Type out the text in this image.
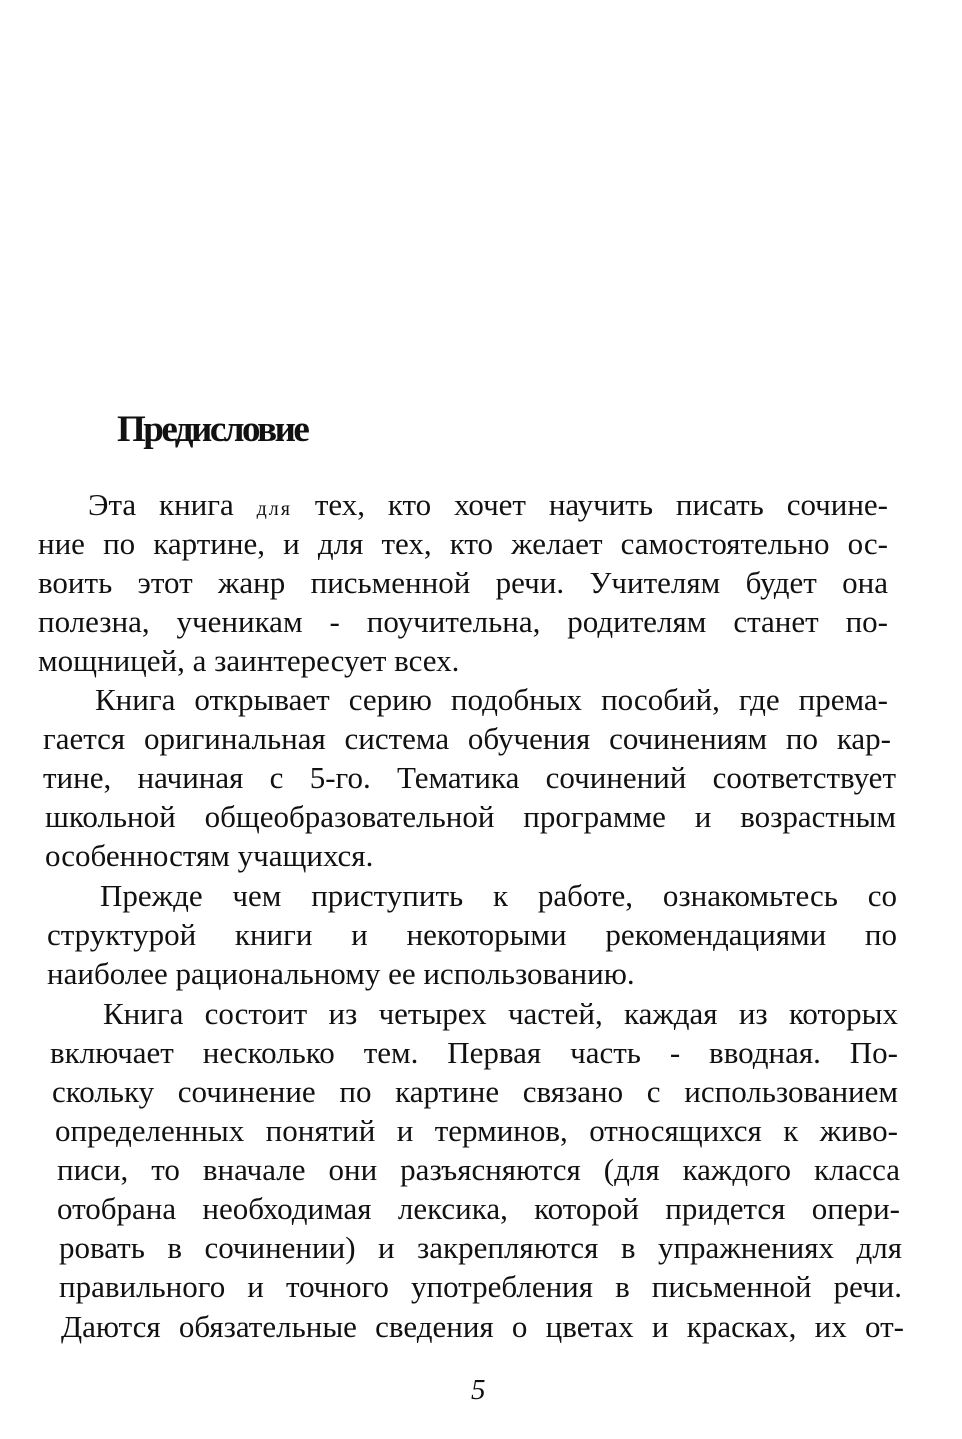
Предисловие
Эта книга для тех, кто хочет научить писать сочине-
ние по картине, и для тех, кто желает самостоятельно ос-
воить этот жанр письменной речи. Учителям будет она
полезна, ученикам - поучительна, родителям станет по-
мощницей, а заинтересует всех.
Книга открывает серию подобных пособий, где према-
гается оригинальная система обучения сочинениям по кар-
тине, начиная с 5-го. Тематика сочинений соответствует
школьной общеобразовательной программе и возрастным
особенностям учащихся.
Прежде чем приступить к работе, ознакомьтесь со
структурой книги и некоторыми рекомендациями по
наиболее рациональному ее использованию.
Книга состоит из четырех частей, каждая из которых
включает несколько тем. Первая часть - вводная. По-
скольку сочинение по картине связано с использованием
определенных понятий и терминов, относящихся к живо-
писи, то вначале они разъясняются (для каждого класса
отобрана необходимая лексика, которой придется опери-
ровать в сочинении) и закрепляются в упражнениях для
правильного и точного употребления в письменной речи.
Даются обязательные сведения о цветах и красках, их от-
5
